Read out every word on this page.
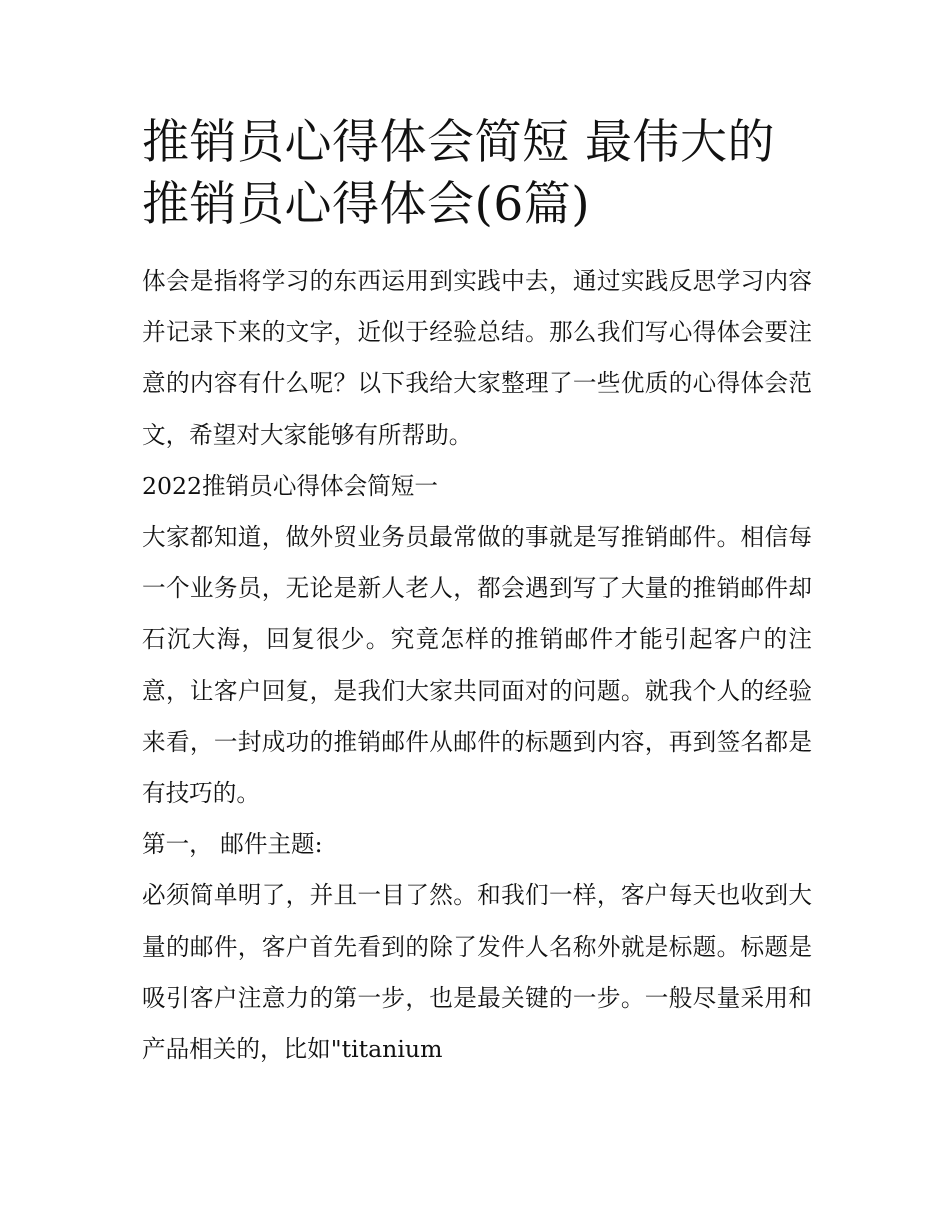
推销员心得体会简短 最伟大的推销员心得体会(6篇)

体会是指将学习的东西运用到实践中去，通过实践反思学习内容并记录下来的文字，近似于经验总结。那么我们写心得体会要注意的内容有什么呢？以下我给大家整理了一些优质的心得体会范文，希望对大家能够有所帮助。

2022推销员心得体会简短一

大家都知道，做外贸业务员最常做的事就是写推销邮件。相信每一个业务员，无论是新人老人，都会遇到写了大量的推销邮件却石沉大海，回复很少。究竟怎样的推销邮件才能引起客户的注意，让客户回复，是我们大家共同面对的问题。就我个人的经验来看，一封成功的推销邮件从邮件的标题到内容，再到签名都是有技巧的。

第一， 邮件主题:

必须简单明了，并且一目了然。和我们一样，客户每天也收到大量的邮件，客户首先看到的除了发件人名称外就是标题。标题是吸引客户注意力的第一步，也是最关键的一步。一般尽量采用和产品相关的，比如"titanium
